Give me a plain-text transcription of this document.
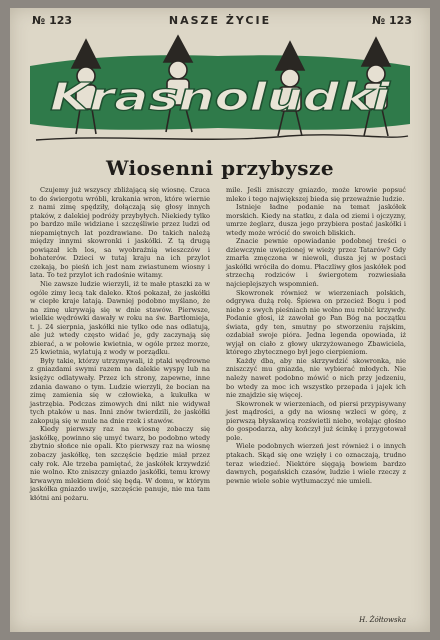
№ 123	NASZE ŻYCIE	№ 123
Krasnoludki
Wiosenni przybysze

Czujemy już wszyscy zbliżającą się wiosnę. Czuca to do świergotu wróbli, krakania wron, które wiernie z nami zimę spędziły, dołączają się głosy innych ptaków, z dalekiej podróży przybyłych. Niekiedy tylko po bardzo mile widziane i szczęśliwie przez ludzi od niepamiętnych lat pozdrawiane. Do takich należą między innymi skowronki i jaskółki. Z tą drugą powiązał ich los, sa wyobraźnią wieszczów i bohaterów. Dzieci w tutaj kraju na ich przylot czekają, bo pieśń ich jest nam zwiastunem wiosny i lata. To też przylot ich radośnie witamy.

Nie zawsze ludzie wierzyli, iż te małe ptaszki za w ogóle zimy lecą tak daleko. Ktoś pokazał, że jaskółki w ciepłe kraje latają. Dawniej podobno myślano, że na zimę ukrywają się w dnie stawów. Pierwsze, wielkie wędrówki dawały w roku na św. Bartłomieja, t. j. 24 sierpnia, jaskółki nie tylko ode nas odlatują, ale już wtedy często widać je, gdy zaczynają się zbierać, a w połowie kwietnia, w ogóle przez morze, 25 kwietnia, wylatują z wody w porządku.

Były takie, którzy utrzymywali, iż ptaki wędrowne z gniazdami swymi razem na dalekie wyspy lub na księżyc odlatywały. Przez ich strony, zapewne, inne zdania dawano o tym. Ludzie wierzyli, że bocian na zimę zamienia się w człowieka, a kukułka w jastrzębia. Podczas zimowych dni nikt nie widywał tych ptaków u nas. Inni znów twierdzili, że jaskółki zakopują się w mule na dnie rzek i stawów.

Kiedy pierwszy raz na wiosnę zobaczy się jaskółkę, powinno się umyć twarz, bo podobno wtedy zbytnio słońce nie opali. Kto pierwszy raz na wiosnę zobaczy jaskółkę, ten szczęście będzie miał przez cały rok. Ale trzeba pamiętać, że jaskółek krzywdzić nie wolno. Kto zniszczy gniazdo jaskółki, temu krowy krwawym mlekiem doić się będą. W domu, w którym jaskółka gniazdo uwije, szczęście panuje, nie ma tam kłótni ani pożaru.

mile. Jeśli zniszczy gniazdo, może krowie popsuć mleko i tego największej bieda się przeważnie ludzie.

Istnieje ładne podanie na temat jaskółek morskich. Kiedy na statku, z dala od ziemi i ojczyzny, umrze żeglarz, dusza jego przybiera postać jaskółki i wtedy może wrócić do swoich bliskich.

Znacie pewnie opowiadanie podobnej treści o dziewczynie uwięzionej w wieży przez Tatarów? Gdy zmarła zmęczona w niewoli, dusza jej w postaci jaskółki wróciła do domu. Płaczliwy głos jaskółek pod strzechą rodziców i świergotem rozwiesiała najcieplejszych wspomnień.

Skowronek również w wierzeniach polskich, odgrywa dużą rolę. Śpiewa on przecież Bogu i pod niebo z swych pieśniach nie wolno mu robić krzywdy. Podanie głosi, iż zawołał go Pan Bóg na początku świata, gdy ten, smutny po stworzeniu rajskim, ozdabiał swoje pióra. Jedna legenda opowiada, iż wyjął on ciało z głowy ukrzyżowanego Zbawiciela, którego zbytecznego był jego cierpieniom.

Każdy dba, aby nie skrzywdzić skowronka, nie zniszczyć mu gniazda, nie wybierać młodych. Nie należy nawet podobno mówić o nich przy jedzeniu, bo wtedy za moc ich wszystko przepada i jajek ich nie znajdzie się więcej.

Skowronek w wierzeniach, od piersi przypisywany jest mądrości, a gdy na wiosnę wzleci w górę, z pierwszą błyskawicą rozświetli niebo, wołając głośno do gospodarza, aby kończył już ścinkę i przygotował pole.

Wiele podobnych wierzeń jest również i o innych ptakach. Skąd się one wzięły i co oznaczają, trudno teraz wiedzieć. Niektóre sięgają bowiem bardzo dawnych, pogańskich czasów, ludzie i wiele rzeczy z pewnie wiele sobie wytłumaczyć nie umieli.

H. Żółtowska
